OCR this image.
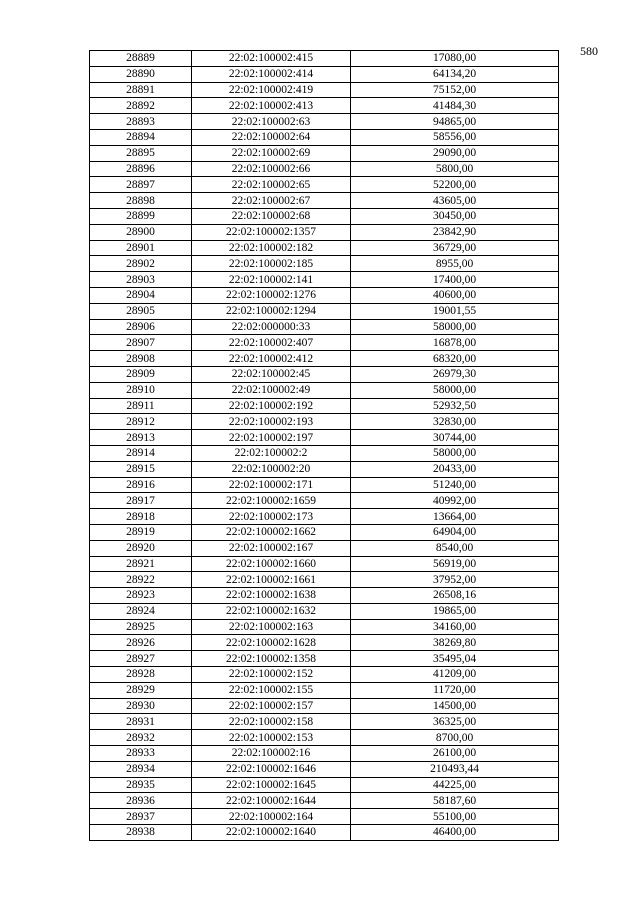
580
28889	22:02:100002:415	17080,00
28890	22:02:100002:414	64134,20
28891	22:02:100002:419	75152,00
28892	22:02:100002:413	41484,30
28893	22:02:100002:63	94865,00
28894	22:02:100002:64	58556,00
28895	22:02:100002:69	29090,00
28896	22:02:100002:66	5800,00
28897	22:02:100002:65	52200,00
28898	22:02:100002:67	43605,00
28899	22:02:100002:68	30450,00
28900	22:02:100002:1357	23842,90
28901	22:02:100002:182	36729,00
28902	22:02:100002:185	8955,00
28903	22:02:100002:141	17400,00
28904	22:02:100002:1276	40600,00
28905	22:02:100002:1294	19001,55
28906	22:02:000000:33	58000,00
28907	22:02:100002:407	16878,00
28908	22:02:100002:412	68320,00
28909	22:02:100002:45	26979,30
28910	22:02:100002:49	58000,00
28911	22:02:100002:192	52932,50
28912	22:02:100002:193	32830,00
28913	22:02:100002:197	30744,00
28914	22:02:100002:2	58000,00
28915	22:02:100002:20	20433,00
28916	22:02:100002:171	51240,00
28917	22:02:100002:1659	40992,00
28918	22:02:100002:173	13664,00
28919	22:02:100002:1662	64904,00
28920	22:02:100002:167	8540,00
28921	22:02:100002:1660	56919,00
28922	22:02:100002:1661	37952,00
28923	22:02:100002:1638	26508,16
28924	22:02:100002:1632	19865,00
28925	22:02:100002:163	34160,00
28926	22:02:100002:1628	38269,80
28927	22:02:100002:1358	35495,04
28928	22:02:100002:152	41209,00
28929	22:02:100002:155	11720,00
28930	22:02:100002:157	14500,00
28931	22:02:100002:158	36325,00
28932	22:02:100002:153	8700,00
28933	22:02:100002:16	26100,00
28934	22:02:100002:1646	210493,44
28935	22:02:100002:1645	44225,00
28936	22:02:100002:1644	58187,60
28937	22:02:100002:164	55100,00
28938	22:02:100002:1640	46400,00
